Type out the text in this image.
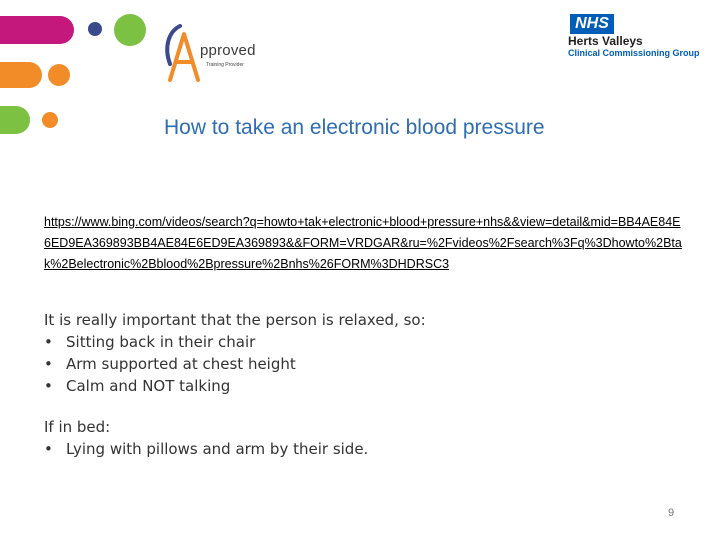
pproved
Training Provider
NHS
Herts Valleys
Clinical Commissioning Group
How to take an electronic blood pressure
https://www.bing.com/videos/search?q=howto+tak+electronic+blood+pressure+nhs&&view=detail&mid=BB4AE84E6ED9EA369893BB4AE84E6ED9EA369893&&FORM=VRDGAR&ru=%2Fvideos%2Fsearch%3Fq%3Dhowto%2Btak%2Belectronic%2Bblood%2Bpressure%2Bnhs%26FORM%3DHDRSC3
It is really important that the person is relaxed, so:
• Sitting back in their chair
• Arm supported at chest height
• Calm and NOT talking
If in bed:
• Lying with pillows and arm by their side.
9
